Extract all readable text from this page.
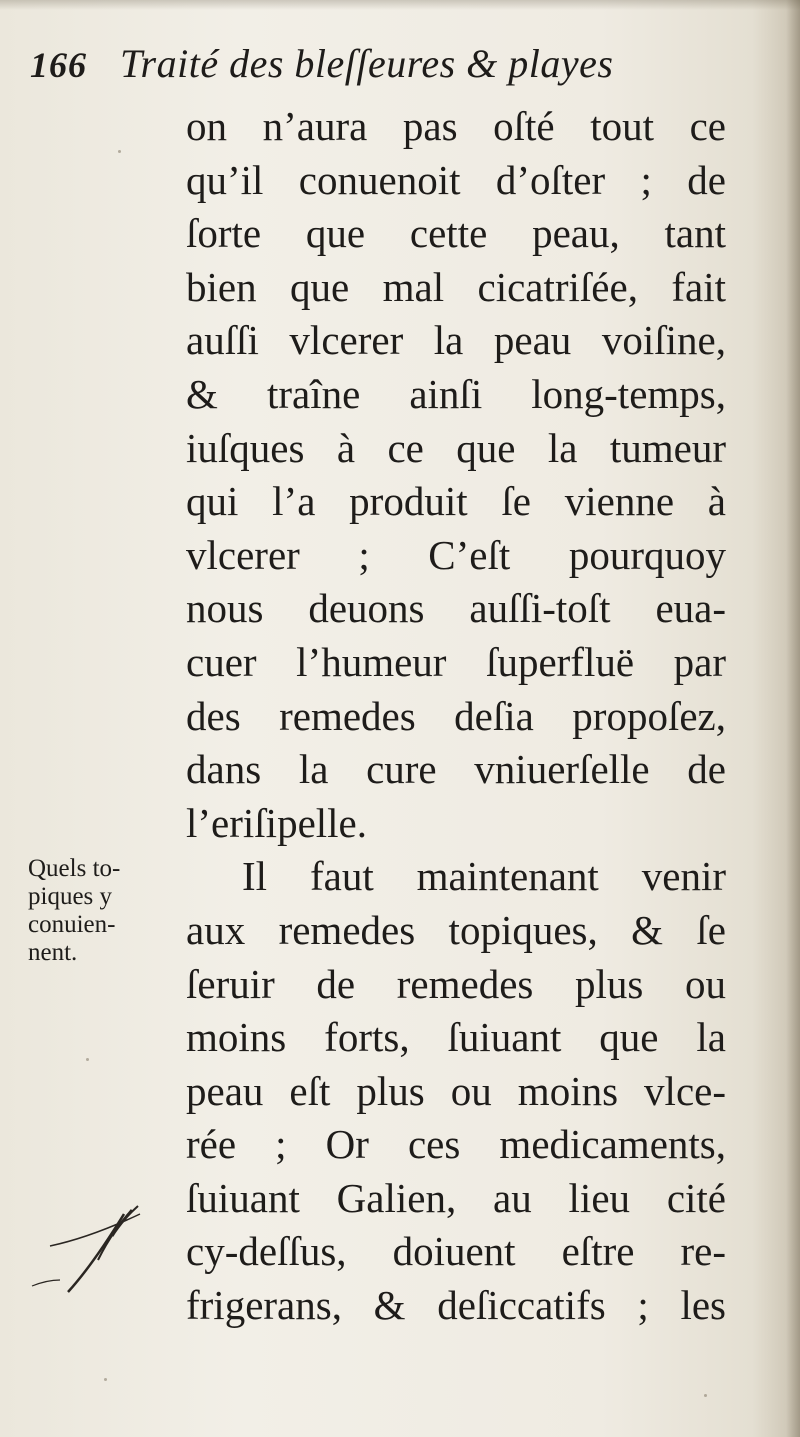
166 Traité des bleſſeures & playes
on n’aura pas oſté tout ce
qu’il conuenoit d’oſter ; de
ſorte que cette peau, tant
bien que mal cicatriſée, fait
auſſi vlcerer la peau voiſine,
& traîne ainſi long-temps,
iuſques à ce que la tumeur
qui l’a produit ſe vienne à
vlcerer ; C’eſt pourquoy
nous deuons auſſi-toſt eua-
cuer l’humeur ſuperfluë par
des remedes deſia propoſez,
dans la cure vniuerſelle de
l’eriſipelle.
Il faut maintenant venir
aux remedes topiques, & ſe
ſeruir de remedes plus ou
moins forts, ſuiuant que la
peau eſt plus ou moins vlce-
rée ; Or ces medicaments,
ſuiuant Galien, au lieu cité
cy-deſſus, doiuent eſtre re-
frigerans, & deſiccatifs ; les
Quels to-
piques y
conuien-
nent.
